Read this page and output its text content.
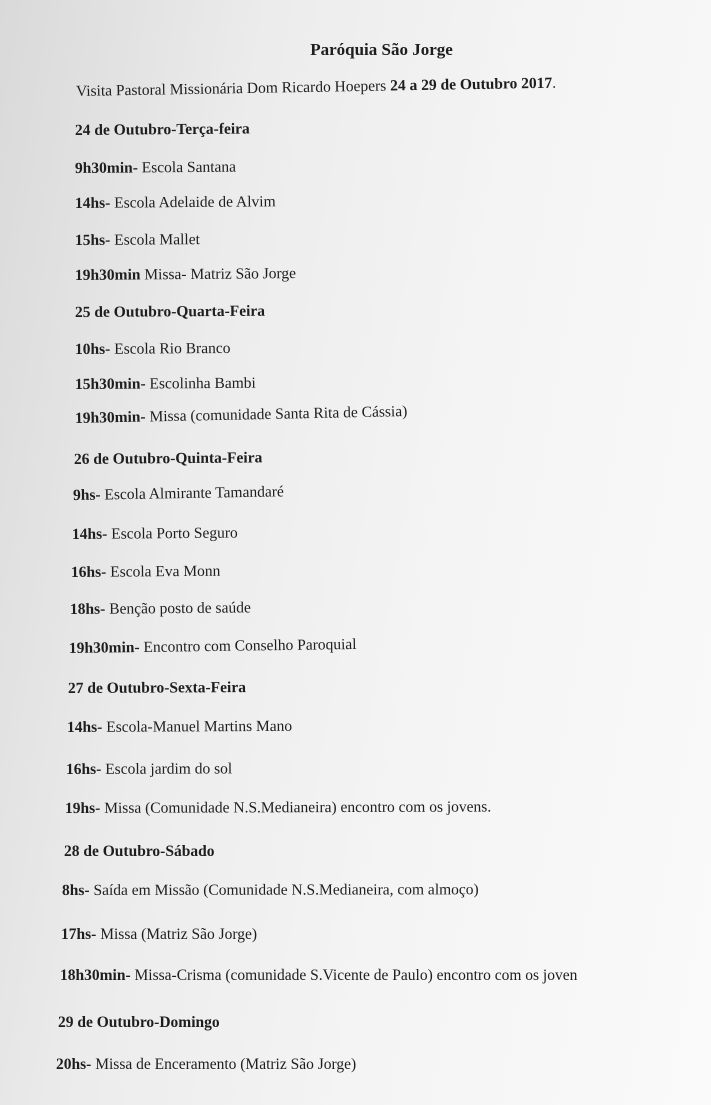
Paróquia São Jorge
Visita Pastoral Missionária Dom Ricardo Hoepers 24 a 29 de Outubro 2017.
24 de Outubro-Terça-feira
9h30min- Escola Santana
14hs- Escola Adelaide de Alvim
15hs- Escola Mallet
19h30min Missa- Matriz São Jorge
25 de Outubro-Quarta-Feira
10hs- Escola Rio Branco
15h30min- Escolinha Bambi
19h30min- Missa (comunidade Santa Rita de Cássia)
26 de Outubro-Quinta-Feira
9hs- Escola Almirante Tamandaré
14hs- Escola Porto Seguro
16hs- Escola Eva Monn
18hs- Benção posto de saúde
19h30min- Encontro com Conselho Paroquial
27 de Outubro-Sexta-Feira
14hs- Escola-Manuel Martins Mano
16hs- Escola jardim do sol
19hs- Missa (Comunidade N.S.Medianeira) encontro com os jovens.
28 de Outubro-Sábado
8hs- Saída em Missão (Comunidade N.S.Medianeira, com almoço)
17hs- Missa (Matriz São Jorge)
18h30min- Missa-Crisma (comunidade S.Vicente de Paulo) encontro com os joven
29 de Outubro-Domingo
20hs- Missa de Enceramento (Matriz São Jorge)
